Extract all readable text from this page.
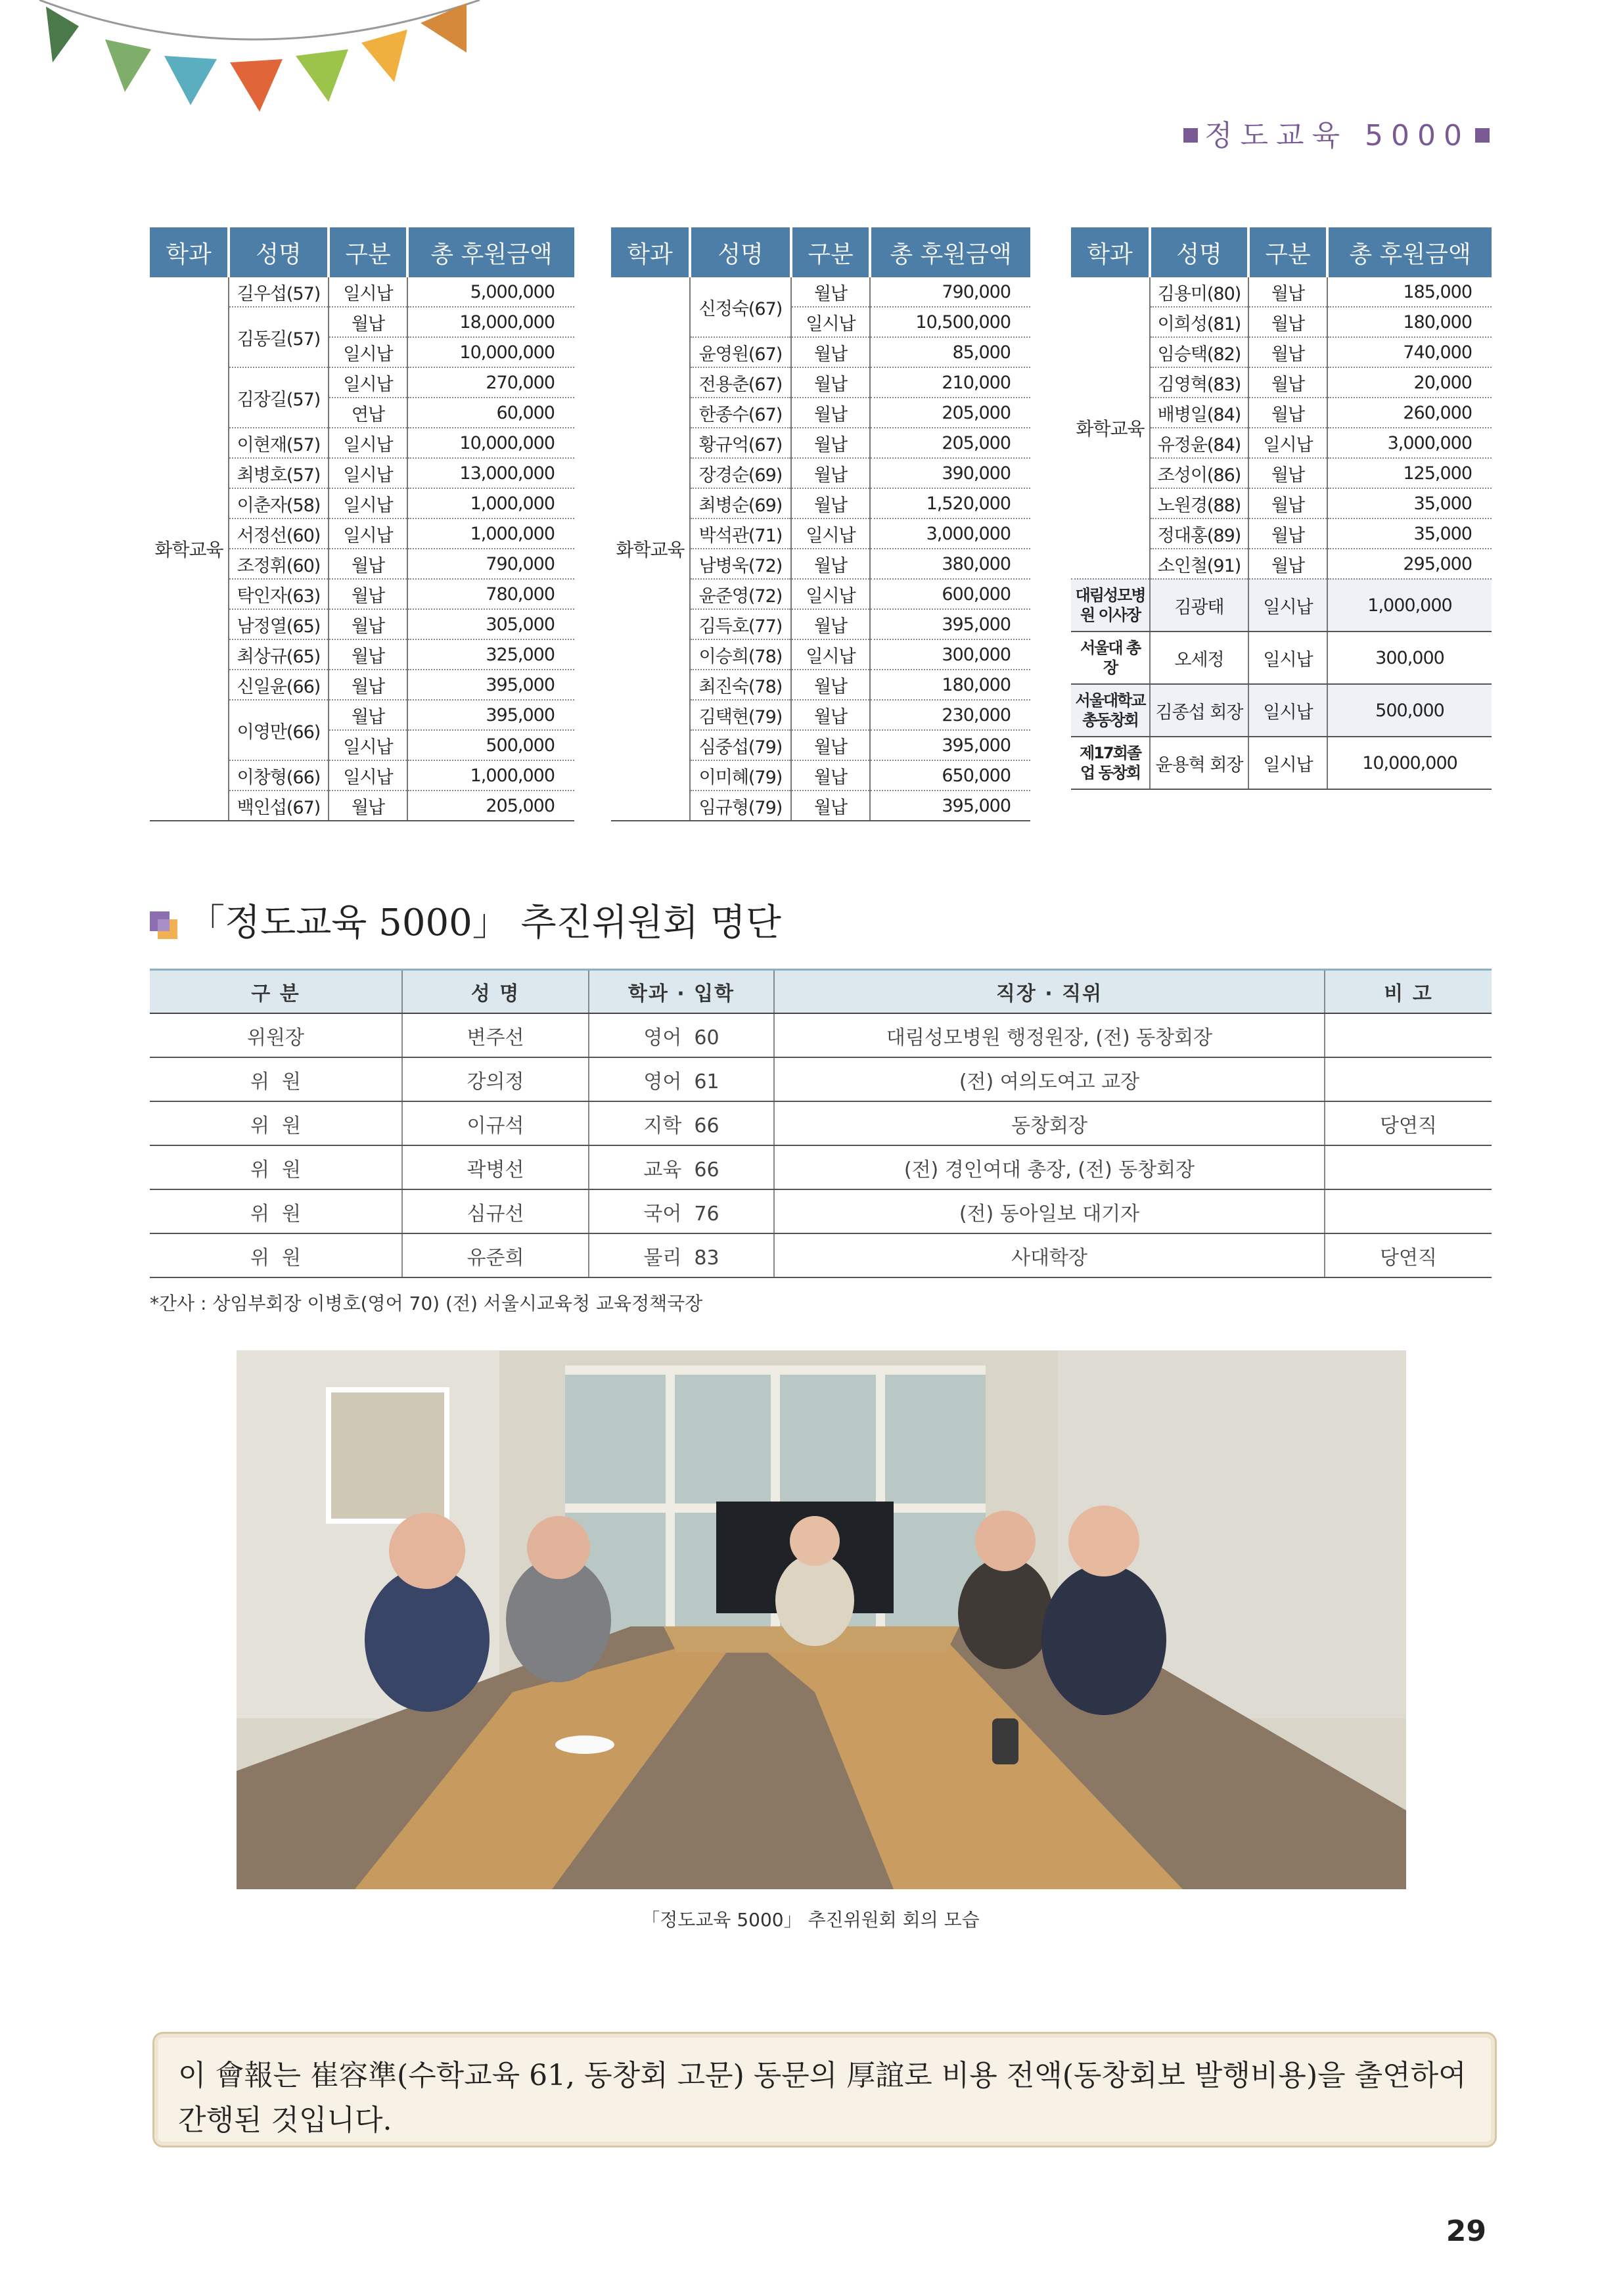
정도교육 5000
학과	성명	구분	총 후원금액
화학교육	길우섭(57)	일시납	5,000,000
	김동길(57)	월납	18,000,000
		일시납	10,000,000
	김장길(57)	일시납	270,000
		연납	60,000
	이현재(57)	일시납	10,000,000
	최병호(57)	일시납	13,000,000
	이춘자(58)	일시납	1,000,000
	서정선(60)	일시납	1,000,000
	조정휘(60)	월납	790,000
	탁인자(63)	월납	780,000
	남정열(65)	월납	305,000
	최상규(65)	월납	325,000
	신일윤(66)	월납	395,000
	이영만(66)	월납	395,000
		일시납	500,000
	이창형(66)	일시납	1,000,000
	백인섭(67)	월납	205,000
학과	성명	구분	총 후원금액
화학교육	신정숙(67)	월납	790,000
		일시납	10,500,000
	윤영원(67)	월납	85,000
	전용춘(67)	월납	210,000
	한종수(67)	월납	205,000
	황규억(67)	월납	205,000
	장경순(69)	월납	390,000
	최병순(69)	월납	1,520,000
	박석관(71)	일시납	3,000,000
	남병욱(72)	월납	380,000
	윤준영(72)	일시납	600,000
	김득호(77)	월납	395,000
	이승희(78)	일시납	300,000
	최진숙(78)	월납	180,000
	김택현(79)	월납	230,000
	심중섭(79)	월납	395,000
	이미혜(79)	월납	650,000
	임규형(79)	월납	395,000
학과	성명	구분	총 후원금액
화학교육	김용미(80)	월납	185,000
	이희성(81)	월납	180,000
	임승택(82)	월납	740,000
	김영혁(83)	월납	20,000
	배병일(84)	월납	260,000
	유정윤(84)	일시납	3,000,000
	조성이(86)	월납	125,000
	노원경(88)	월납	35,000
	정대홍(89)	월납	35,000
	소인철(91)	월납	295,000
대림성모병원 이사장	김광태	일시납	1,000,000
서울대 총장	오세정	일시납	300,000
서울대학교 총동창회	김종섭 회장	일시납	500,000
제17회졸업 동창회	윤용혁 회장	일시납	10,000,000
「정도교육 5000」 추진위원회 명단
구 분	성 명	학과 · 입학	직장 · 직위	비 고
위원장	변주선	영어  60	대림성모병원 행정원장, (전) 동창회장	
위  원	강의정	영어  61	(전) 여의도여고 교장	
위  원	이규석	지학  66	동창회장	당연직
위  원	곽병선	교육  66	(전) 경인여대 총장, (전) 동창회장	
위  원	심규선	국어  76	(전) 동아일보 대기자	
위  원	유준희	물리  83	사대학장	당연직
*간사 : 상임부회장 이병호(영어 70) (전) 서울시교육청 교육정책국장
「정도교육 5000」 추진위원회 회의 모습

이 會報는 崔容準(수학교육 61, 동창회 고문) 동문의 厚誼로 비용 전액(동창회보 발행비용)을 출연하여 간행된 것입니다.

29
